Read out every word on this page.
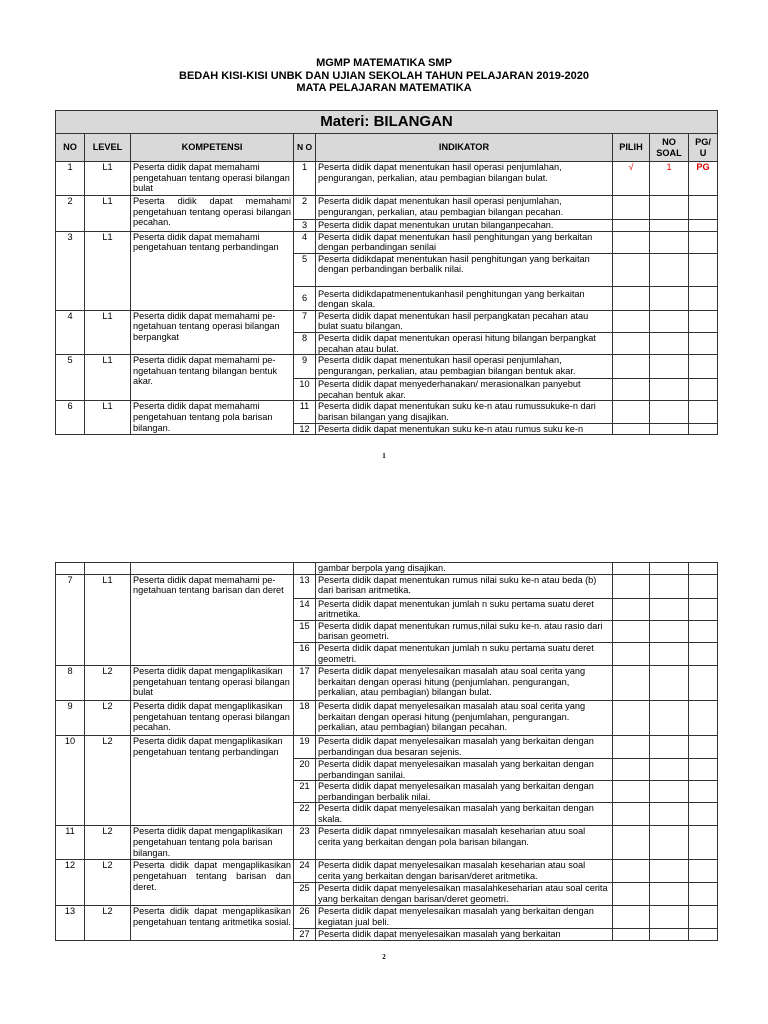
MGMP MATEMATIKA SMP
BEDAH KISI-KISI UNBK DAN UJIAN SEKOLAH TAHUN PELAJARAN 2019-2020
MATA PELAJARAN MATEMATIKA
Materi: BILANGAN							
NO	LEVEL	KOMPETENSI	N O	INDIKATOR	PILIH	NO SOAL	PG/ U
1	L1	Peserta didik dapat memahami pengetahuan tentang operasi bilangan bulat	1	Peserta didik dapat menentukan hasil operasi penjumlahan, pengurangan, perkalian, atau pembagian bilangan bulat.	√	1	PG
2	L1	Peserta didik dapat memahami pengetahuan tentang operasi bilangan pecahan.	2	Peserta didik dapat menentukan hasil operasi penjumlahan, pengurangan, perkalian, atau pembagian bilangan pecahan.			
			3	Peserta didik dapat menentukan urutan bilanganpecahan.			
3	L1	Peserta didik dapat memahami pengetahuan tentang perbandingan	4	Peserta didik dapat menentukan hasil penghitungan yang berkaitan dengan perbandingan senilai			
			5	Peserta didikdapat menentukan hasil penghitungan yang berkaitan dengan perbandingan berbalik nilai.			
			6	Peserta didikdapatmenentukanhasil penghitungan yang berkaitan dengan skala.			
4	L1	Peserta didik dapat memahami pe-ngetahuan tentang operasi bilangan berpangkat	7	Peserta didik dapat menentukan hasil perpangkatan pecahan atau bulat suatu bilangan.			
			8	Peserta didik dapat menentukan operasi hitung bilangan berpangkat pecahan atau bulat.			
5	L1	Peserta didik dapat memahami pe-ngetahuan tentang bilangan bentuk akar.	9	Peserta didik dapat menentukan hasil operasi penjumlahan, pengurangan, perkalian, atau pembagian bilangan bentuk akar.			
			10	Peserta didik dapat menyederhanakan/ merasionalkan panyebut pecahan bentuk akar.			
6	L1	Peserta didik dapat memahami pengetahuan tentang pola barisan bilangan.	11	Peserta didik dapat menentukan suku ke-n atau rumussukuke-n dari barisan bilangan yang disajikan.			
			12	Peserta didik dapat menentukan suku ke-n atau rumus suku ke-n			
1
				gambar berpola yang disajikan.			
7	L1	Peserta didik dapat memahami pe-ngetahuan tentang barisan dan deret	13	Peserta didik dapat menentukan rumus nilai suku ke-n atau beda (b) dari barisan aritmetika.			
			14	Peserta didik dapat menentukan jumlah n suku pertama suatu deret aritmetika.			
			15	Peserta didik dapat menentukan rumus,nilai suku ke-n. atau rasio dari barisan geometri.			
			16	Peserta didik dapat menentukan jumlah n suku pertama suatu deret geometri.			
8	L2	Peserta didik dapat mengaplikasikan pengetahuan tentang operasi bilangan bulat	17	Peserta didik dapat menyelesaikan masalah atau soal cerita yang berkaitan dengan operasi hitung (penjumlahan. pengurangan, perkalian, atau pembagian) bilangan bulat.			
9	L2	Peserta didik dapat mengaplikasikan pengetahuan tentang operasi bilangan pecahan.	18	Peserta didik dapat menyelesaikan masalah atau soal cerita yang berkaitan dengan operasi hitung (penjumlahan, pengurangan. perkalian, atau pembagian) bilangan pecahan.			
10	L2	Peserta didik dapat mengaplikasikan pengetahuan tentang perbandingan	19	Peserta didik dapat menyelesaikan masalah yang berkaitan dengan perbandingan dua besaran sejenis.			
			20	Peserta didik dapat menyelesaikan masalah yang berkaitan dengan perbandingan sanilai.			
			21	Peserta didik dapat menyelesaikan masalah yang berkaitan dengan perbandingan berbalik nilai.			
			22	Peserta didik dapat menyelesaikan masalah yang berkaitan dengan skala.			
11	L2	Peserta didik dapat mengaplikasikan pengetahuan tentang pola barisan bilangan.	23	Peserta didik dapat nmnyelesaikan masalah keseharian atuu soal cerita yang berkaitan dengan pola barisan bilangan.			
12	L2	Peserta didik dapat mengaplikasikan pengetahuan tentang barisan dan deret.	24	Peserta didik dapat menyelesaikan masalah keseharian atau soal cerita yang berkaitan dengan barisan/deret aritmetika.			
			25	Peserta didik dapat menyelesaikan masalahkeseharian atau soal cerita yang berkaitan dengan barisan/deret geometri.			
13	L2	Peserta didik dapat mengaplikasikan pengetahuan tentang aritmetika sosial.	26	Peserta didik dapat menyelesaikan masalah yang berkaitan dengan kegiatan jual beli.			
			27	Peserta didik dapat menyelesaikan masalah yang berkaitan			
2
